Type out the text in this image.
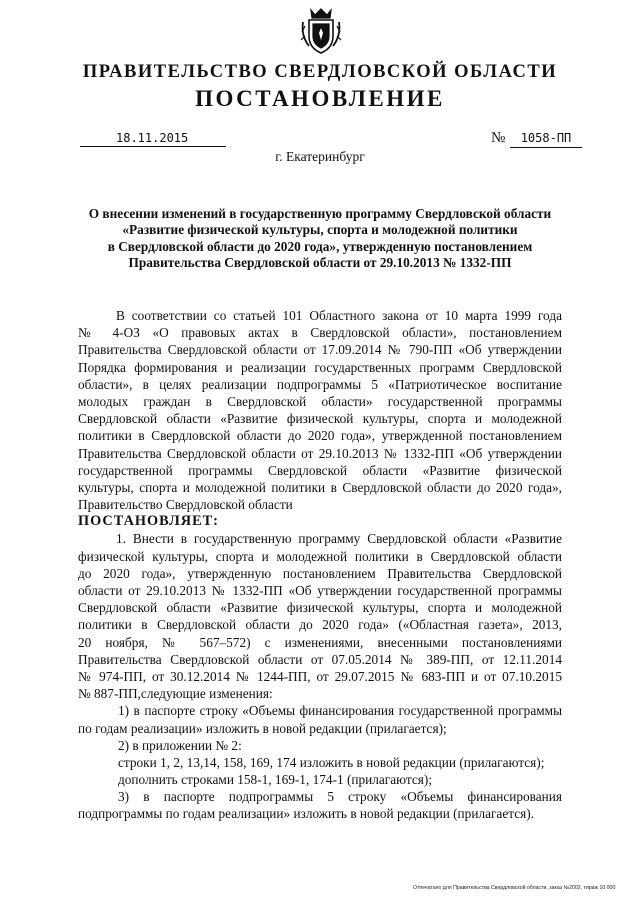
ПРАВИТЕЛЬСТВО СВЕРДЛОВСКОЙ ОБЛАСТИ
ПОСТАНОВЛЕНИЕ
18.11.2015	№	1058-ПП
г. Екатеринбург
О внесении изменений в государственную программу Свердловской области
«Развитие физической культуры, спорта и молодежной политики
в Свердловской области до 2020 года», утвержденную постановлением
Правительства Свердловской области от 29.10.2013 № 1332-ПП
В соответствии со статьей 101 Областного закона от 10 марта 1999 года
№ 4-ОЗ «О правовых актах в Свердловской области», постановлением
Правительства Свердловской области от 17.09.2014 № 790-ПП «Об утверждении
Порядка формирования и реализации государственных программ Свердловской
области», в целях реализации подпрограммы 5 «Патриотическое воспитание
молодых граждан в Свердловской области» государственной программы
Свердловской области «Развитие физической культуры, спорта и молодежной
политики в Свердловской области до 2020 года», утвержденной постановлением
Правительства Свердловской области от 29.10.2013 № 1332-ПП «Об утверждении
государственной программы Свердловской области «Развитие физической
культуры, спорта и молодежной политики в Свердловской области до 2020 года»,
Правительство Свердловской области
ПОСТАНОВЛЯЕТ:
1. Внести в государственную программу Свердловской области «Развитие
физической культуры, спорта и молодежной политики в Свердловской области
до 2020 года», утвержденную постановлением Правительства Свердловской
области от 29.10.2013 № 1332-ПП «Об утверждении государственной программы
Свердловской области «Развитие физической культуры, спорта и молодежной
политики в Свердловской области до 2020 года» («Областная газета», 2013,
20 ноября, № 567–572) с изменениями, внесенными постановлениями
Правительства Свердловской области от 07.05.2014 № 389-ПП, от 12.11.2014
№ 974-ПП, от 30.12.2014 № 1244-ПП, от 29.07.2015 № 683-ПП и от 07.10.2015
№ 887-ПП,следующие изменения:
1) в паспорте строку «Объемы финансирования государственной программы
по годам реализации» изложить в новой редакции (прилагается);
2) в приложении № 2:
строки 1, 2, 13,14, 158, 169, 174 изложить в новой редакции (прилагаются);
дополнить строками 158-1, 169-1, 174-1 (прилагаются);
3) в паспорте подпрограммы 5 строку «Объемы финансирования
подпрограммы по годам реализации» изложить в новой редакции (прилагается).
Отпечатано для Правительства Свердловской области, заказ №2002, тираж 10 000
